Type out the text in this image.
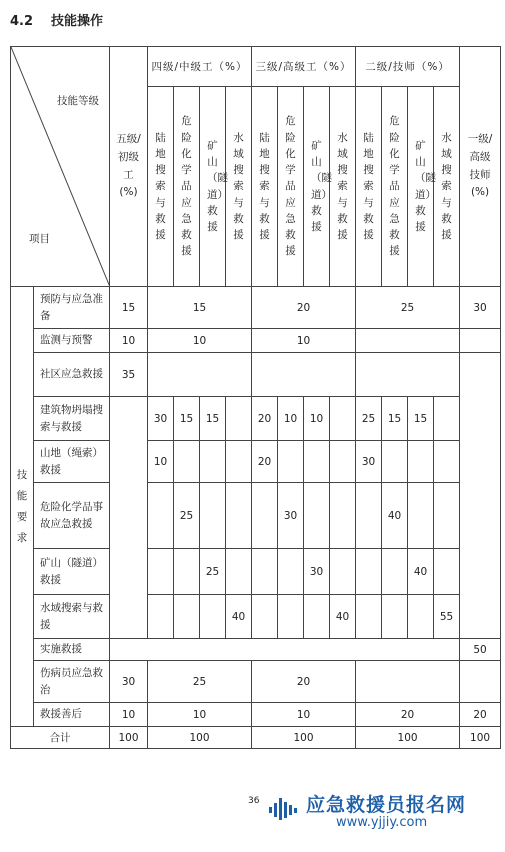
4.2 技能操作
技能等级
项目		五级/初级工(%)	四级/中级工（%）				三级/高级工（%）				二级/技师（%）				一级/高级技师(%)
			陆地搜索与救援	危险化学品应急救援	矿山（隧道）救援	水域搜索与救援	陆地搜索与救援	危险化学品应急救援	矿山（隧道）救援	水域搜索与救援	陆地搜索与救援	危险化学品应急救援	矿山（隧道）救援	水域搜索与救援	
技能要求	预防与应急准备	15	15				20				25				30
	监测与预警	10	10				10								
	社区应急救援	35													
	建筑物坍塌搜索与救援		30	15	15		20	10	10		25	15	15		
	山地（绳索）救援		10				20				30				
	危险化学品事故应急救援			25				30				40			
	矿山（隧道）救援				25				30				40		
	水域搜索与救援					40				40				55	
	实施救援														50
	伤病员应急救治	30	25				20								
	救援善后	10	10				10				20				20
合计		100	100				100				100				100
36 应急救援员报名网
www.yjjiy.com
